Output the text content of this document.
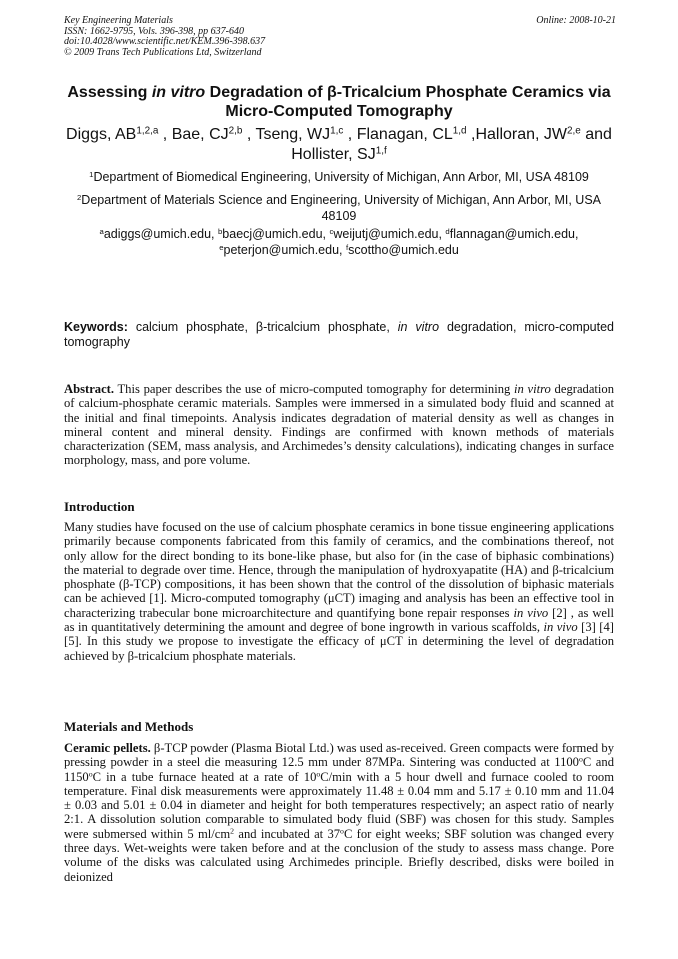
Key Engineering Materials
ISSN: 1662-9795, Vols. 396-398, pp 637-640
doi:10.4028/www.scientific.net/KEM.396-398.637
© 2009 Trans Tech Publications Ltd, Switzerland
Online: 2008-10-21
Assessing in vitro Degradation of β-Tricalcium Phosphate Ceramics via Micro-Computed Tomography
Diggs, AB$^{1,2,a}$ , Bae, CJ$^{2,b}$ , Tseng, WJ$^{1,c}$ , Flanagan, CL$^{1,d}$ ,Halloran, JW$^{2,e}$ and Hollister, SJ$^{1,f}$
$^1$Department of Biomedical Engineering, University of Michigan, Ann Arbor, MI, USA 48109
$^2$Department of Materials Science and Engineering, University of Michigan, Ann Arbor, MI, USA 48109
$^a$adiggs@umich.edu, $^b$baecj@umich.edu, $^c$weijutj@umich.edu, $^d$flannagan@umich.edu, $^e$peterjon@umich.edu, $^f$scottho@umich.edu
Keywords: calcium phosphate, β-tricalcium phosphate, in vitro degradation, micro-computed tomography
Abstract. This paper describes the use of micro-computed tomography for determining in vitro degradation of calcium-phosphate ceramic materials. Samples were immersed in a simulated body fluid and scanned at the initial and final timepoints. Analysis indicates degradation of material density as well as changes in mineral content and mineral density. Findings are confirmed with known methods of materials characterization (SEM, mass analysis, and Archimedes’s density calculations), indicating changes in surface morphology, mass, and pore volume.
Introduction
Many studies have focused on the use of calcium phosphate ceramics in bone tissue engineering applications primarily because components fabricated from this family of ceramics, and the combinations thereof, not only allow for the direct bonding to its bone-like phase, but also for (in the case of biphasic combinations) the material to degrade over time. Hence, through the manipulation of hydroxyapatite (HA) and β-tricalcium phosphate (β-TCP) compositions, it has been shown that the control of the dissolution of biphasic materials can be achieved [1]. Micro-computed tomography (μCT) imaging and analysis has been an effective tool in characterizing trabecular bone microarchitecture and quantifying bone repair responses in vivo [2] , as well as in quantitatively determining the amount and degree of bone ingrowth in various scaffolds, in vivo [3] [4] [5]. In this study we propose to investigate the efficacy of μCT in determining the level of degradation achieved by β-tricalcium phosphate materials.
Materials and Methods
Ceramic pellets. β-TCP powder (Plasma Biotal Ltd.) was used as-received. Green compacts were formed by pressing powder in a steel die measuring 12.5 mm under 87MPa. Sintering was conducted at 1100$^o$C and 1150$^o$C in a tube furnace heated at a rate of 10$^o$C/min with a 5 hour dwell and furnace cooled to room temperature. Final disk measurements were approximately 11.48 ± 0.04 mm and 5.17 ± 0.10 mm and 11.04 ± 0.03 and 5.01 ± 0.04 in diameter and height for both temperatures respectively; an aspect ratio of nearly 2:1. A dissolution solution comparable to simulated body fluid (SBF) was chosen for this study. Samples were submersed within 5 $ml/cm^2$ and incubated at 37$^o$C for eight weeks; SBF solution was changed every three days. Wet-weights were taken before and at the conclusion of the study to assess mass change. Pore volume of the disks was calculated using Archimedes principle. Briefly described, disks were boiled in deionized
